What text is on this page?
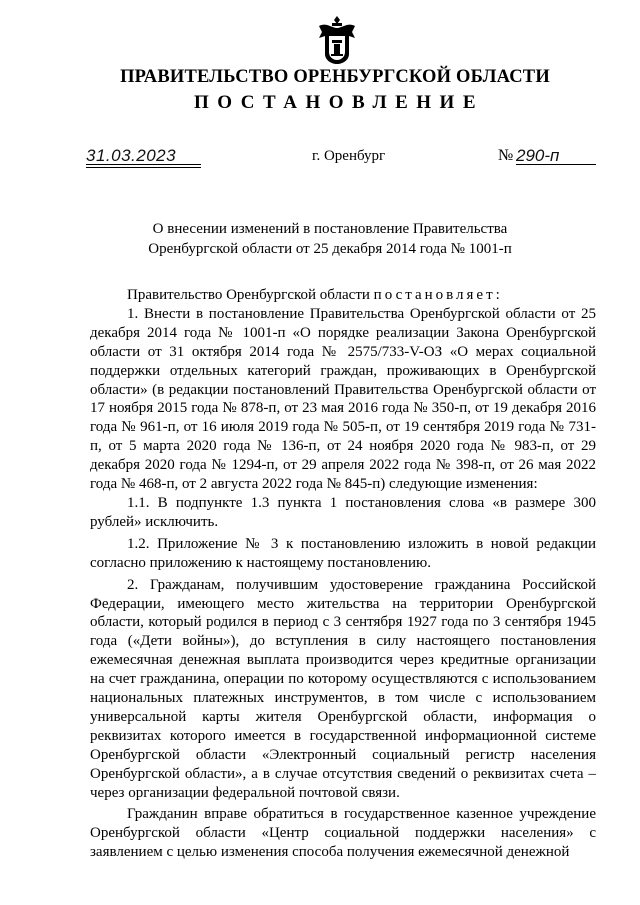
ПРАВИТЕЛЬСТВО ОРЕНБУРГСКОЙ ОБЛАСТИ
ПОСТАНОВЛЕНИЕ
31.03.2023	г. Оренбург	№ 290-п
О внесении изменений в постановление Правительства
Оренбургской области от 25 декабря 2014 года № 1001-п

Правительство Оренбургской области постановляет:

1. Внести в постановление Правительства Оренбургской области от 25 декабря 2014 года № 1001-п «О порядке реализации Закона Оренбургской области от 31 октября 2014 года № 2575/733-V-ОЗ «О мерах социальной поддержки отдельных категорий граждан, проживающих в Оренбургской области» (в редакции постановлений Правительства Оренбургской области от 17 ноября 2015 года № 878-п, от 23 мая 2016 года № 350-п, от 19 декабря 2016 года № 961-п, от 16 июля 2019 года № 505-п, от 19 сентября 2019 года № 731-п, от 5 марта 2020 года № 136-п, от 24 ноября 2020 года № 983-п, от 29 декабря 2020 года № 1294-п, от 29 апреля 2022 года № 398-п, от 26 мая 2022 года № 468-п, от 2 августа 2022 года № 845-п) следующие изменения:

1.1. В подпункте 1.3 пункта 1 постановления слова «в размере 300 рублей» исключить.

1.2. Приложение № 3 к постановлению изложить в новой редакции согласно приложению к настоящему постановлению.

2. Гражданам, получившим удостоверение гражданина Российской Федерации, имеющего место жительства на территории Оренбургской области, который родился в период с 3 сентября 1927 года по 3 сентября 1945 года («Дети войны»), до вступления в силу настоящего постановления ежемесячная денежная выплата производится через кредитные организации на счет гражданина, операции по которому осуществляются с использованием национальных платежных инструментов, в том числе с использованием универсальной карты жителя Оренбургской области, информация о реквизитах которого имеется в государственной информационной системе Оренбургской области «Электронный социальный регистр населения Оренбургской области», а в случае отсутствия сведений о реквизитах счета – через организации федеральной почтовой связи.

Гражданин вправе обратиться в государственное казенное учреждение Оренбургской области «Центр социальной поддержки населения» с заявлением с целью изменения способа получения ежемесячной денежной
